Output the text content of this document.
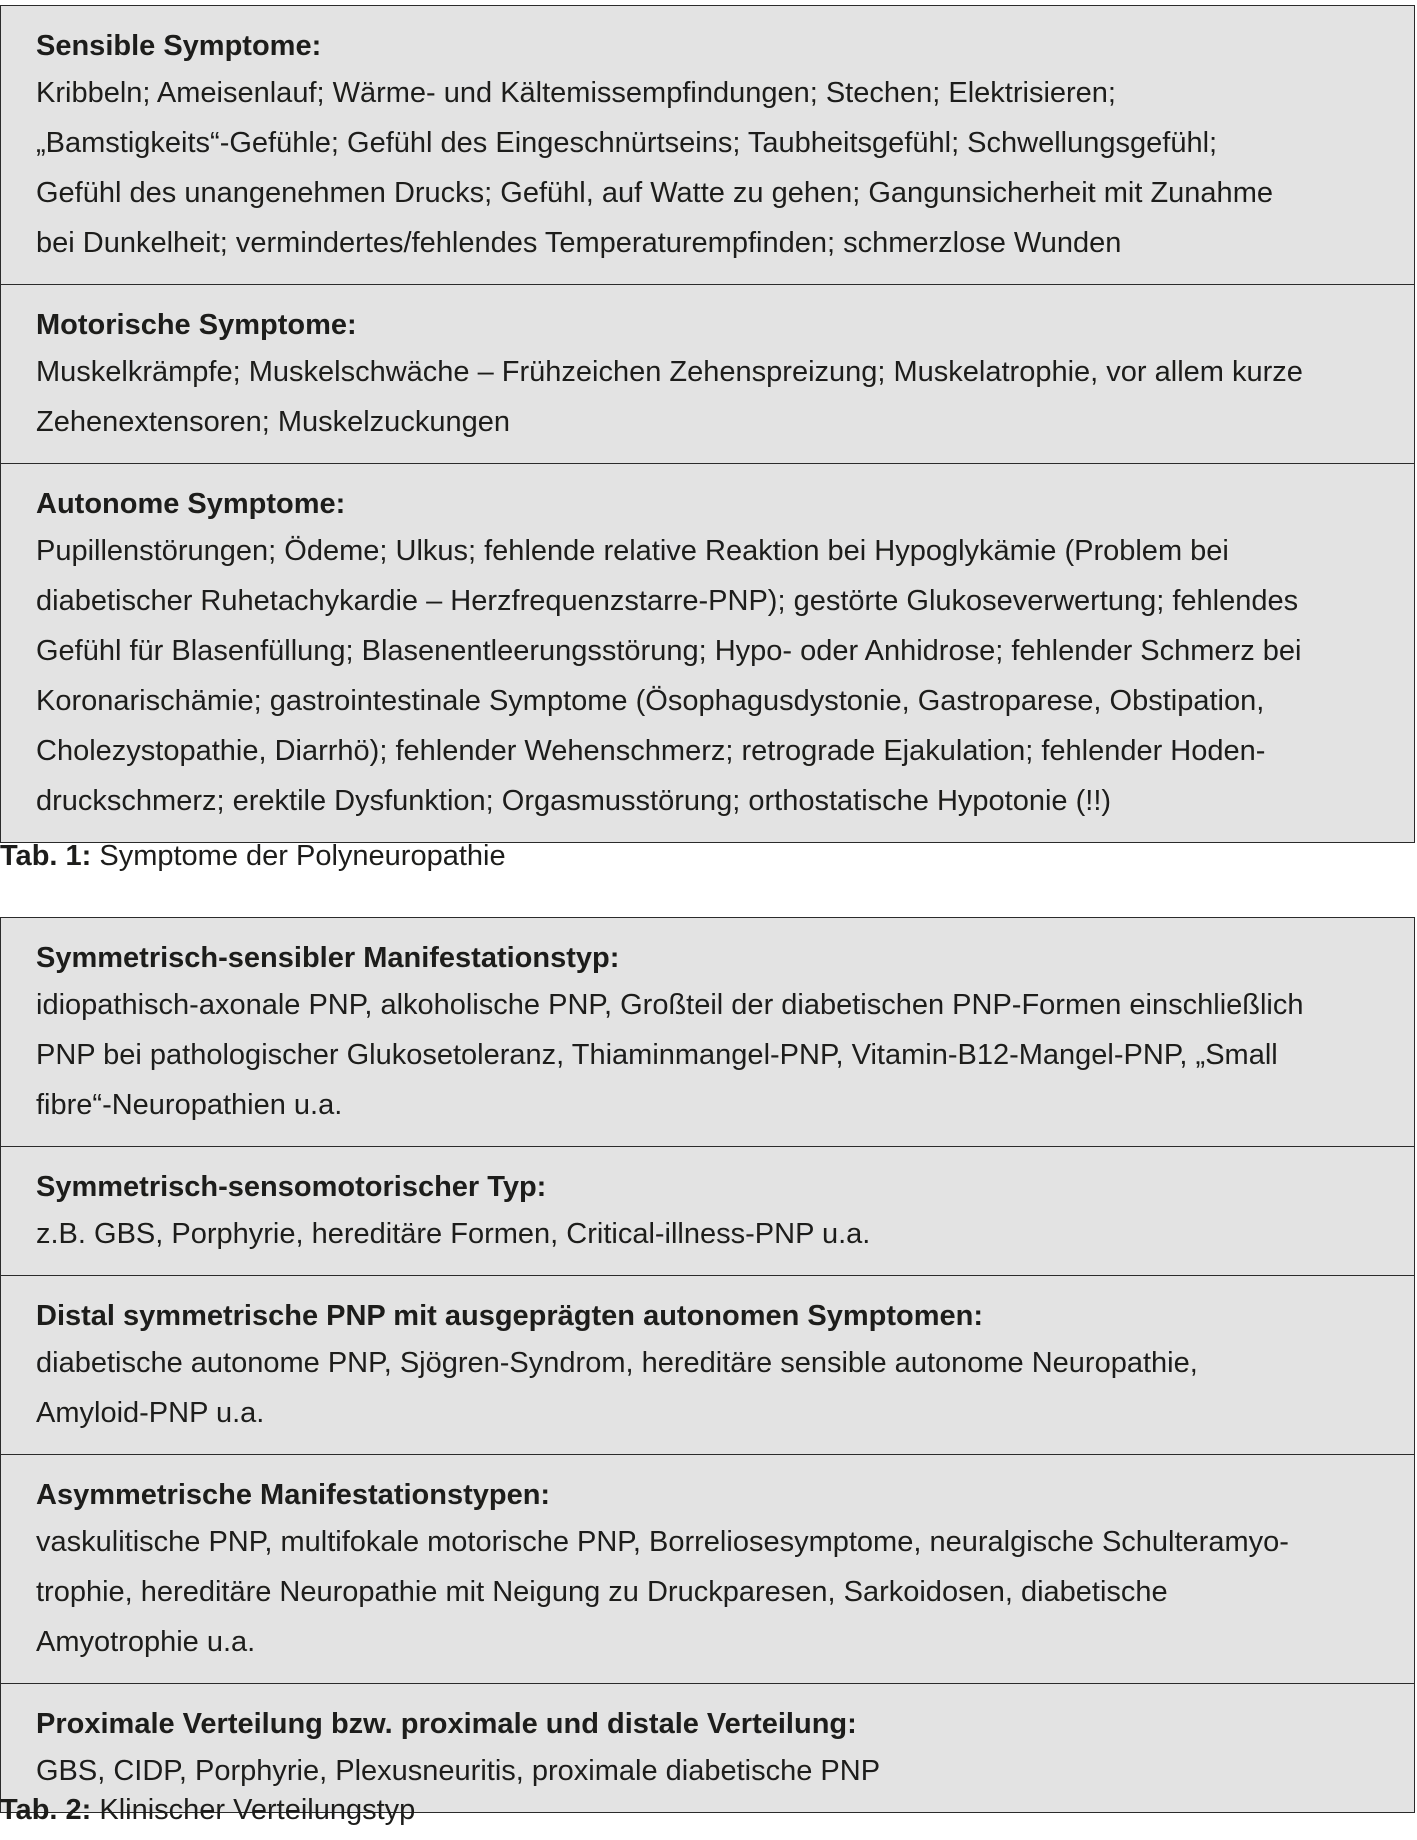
Sensible Symptome:
Kribbeln; Ameisenlauf; Wärme- und Kältemissempfindungen; Stechen; Elektrisieren;
„Bamstigkeits“-Gefühle; Gefühl des Eingeschnürtseins; Taubheitsgefühl; Schwellungsgefühl;
Gefühl des unangenehmen Drucks; Gefühl, auf Watte zu gehen; Gangunsicherheit mit Zunahme
bei Dunkelheit; vermindertes/fehlendes Temperaturempfinden; schmerzlose Wunden
Motorische Symptome:
Muskelkrämpfe; Muskelschwäche – Frühzeichen Zehenspreizung; Muskelatrophie, vor allem kurze
Zehenextensoren; Muskelzuckungen
Autonome Symptome:
Pupillenstörungen; Ödeme; Ulkus; fehlende relative Reaktion bei Hypoglykämie (Problem bei
diabetischer Ruhetachykardie – Herzfrequenzstarre-PNP); gestörte Glukoseverwertung; fehlendes
Gefühl für Blasenfüllung; Blasenentleerungsstörung; Hypo- oder Anhidrose; fehlender Schmerz bei
Koronarischämie; gastrointestinale Symptome (Ösophagusdystonie, Gastroparese, Obstipation,
Cholezystopathie, Diarrhö); fehlender Wehenschmerz; retrograde Ejakulation; fehlender Hoden-
druckschmerz; erektile Dysfunktion; Orgasmusstörung; orthostatische Hypotonie (!!)
Tab. 1: Symptome der Polyneuropathie
Symmetrisch-sensibler Manifestationstyp:
idiopathisch-axonale PNP, alkoholische PNP, Großteil der diabetischen PNP-Formen einschließlich
PNP bei pathologischer Glukosetoleranz, Thiaminmangel-PNP, Vitamin-B12-Mangel-PNP, „Small
fibre“-Neuropathien u.a.
Symmetrisch-sensomotorischer Typ:
z.B. GBS, Porphyrie, hereditäre Formen, Critical-illness-PNP u.a.
Distal symmetrische PNP mit ausgeprägten autonomen Symptomen:
diabetische autonome PNP, Sjögren-Syndrom, hereditäre sensible autonome Neuropathie,
Amyloid-PNP u.a.
Asymmetrische Manifestationstypen:
vaskulitische PNP, multifokale motorische PNP, Borreliosesymptome, neuralgische Schulteramyo-
trophie, hereditäre Neuropathie mit Neigung zu Druckparesen, Sarkoidosen, diabetische
Amyotrophie u.a.
Proximale Verteilung bzw. proximale und distale Verteilung:
GBS, CIDP, Porphyrie, Plexusneuritis, proximale diabetische PNP
Tab. 2: Klinischer Verteilungstyp
